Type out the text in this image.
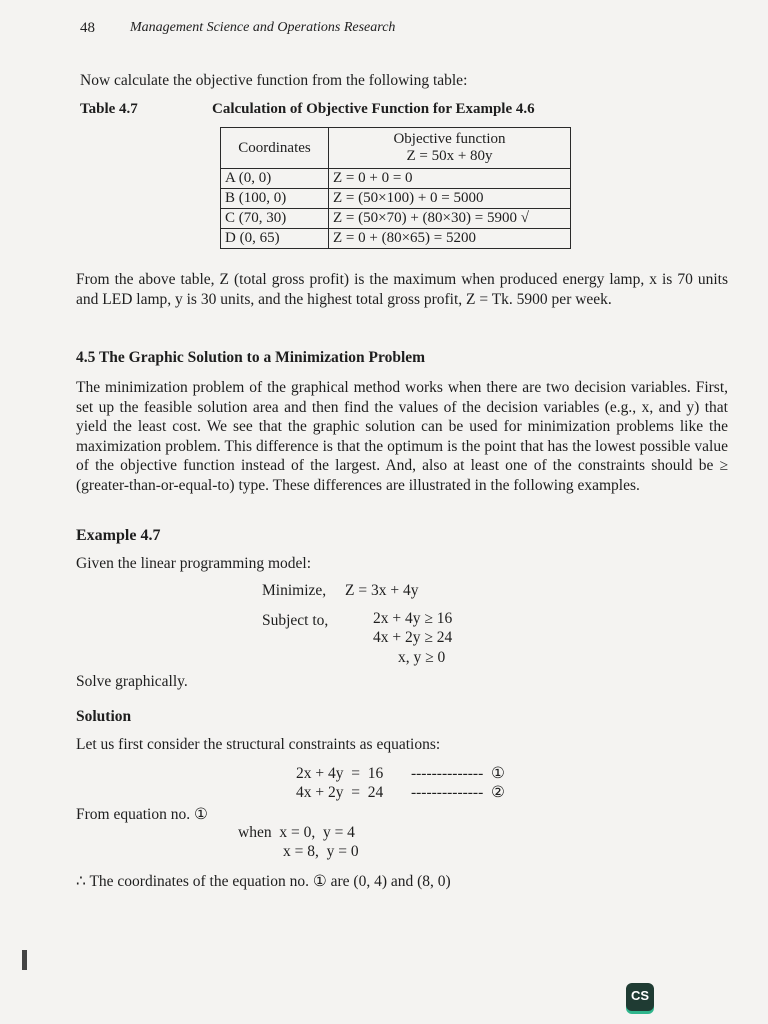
48	Management Science and Operations Research
Now calculate the objective function from the following table:
Table 4.7	Calculation of Objective Function for Example 4.6
Coordinates	Objective function
Z = 50x + 80y

A (0, 0)	Z = 0 + 0 = 0
B (100, 0)	Z = (50×100) + 0 = 5000
C (70, 30)	Z = (50×70) + (80×30) = 5900 √
D (0, 65)	Z = 0 + (80×65) = 5200
From the above table, Z (total gross profit) is the maximum when produced energy lamp, x is 70 units and LED lamp, y is 30 units, and the highest total gross profit, Z = Tk. 5900 per week.
4.5 The Graphic Solution to a Minimization Problem
The minimization problem of the graphical method works when there are two decision variables. First, set up the feasible solution area and then find the values of the decision variables (e.g., x, and y) that yield the least cost. We see that the graphic solution can be used for minimization problems like the maximization problem. This difference is that the optimum is the point that has the lowest possible value of the objective function instead of the largest. And, also at least one of the constraints should be ≥ (greater-than-or-equal-to) type. These differences are illustrated in the following examples.
Example 4.7
Given the linear programming model:
Minimize, Z = 3x + 4y
Subject to,	2x + 4y ≥ 16
4x + 2y ≥ 24
x, y ≥ 0
Solve graphically.
Solution
Let us first consider the structural constraints as equations:
2x + 4y  =  16 --------------  ①
4x + 2y  =  24 --------------  ②
From equation no. ①
when  x = 0,  y = 4
x = 8,  y = 0
∴ The coordinates of the equation no. ① are (0, 4) and (8, 0)
CS
